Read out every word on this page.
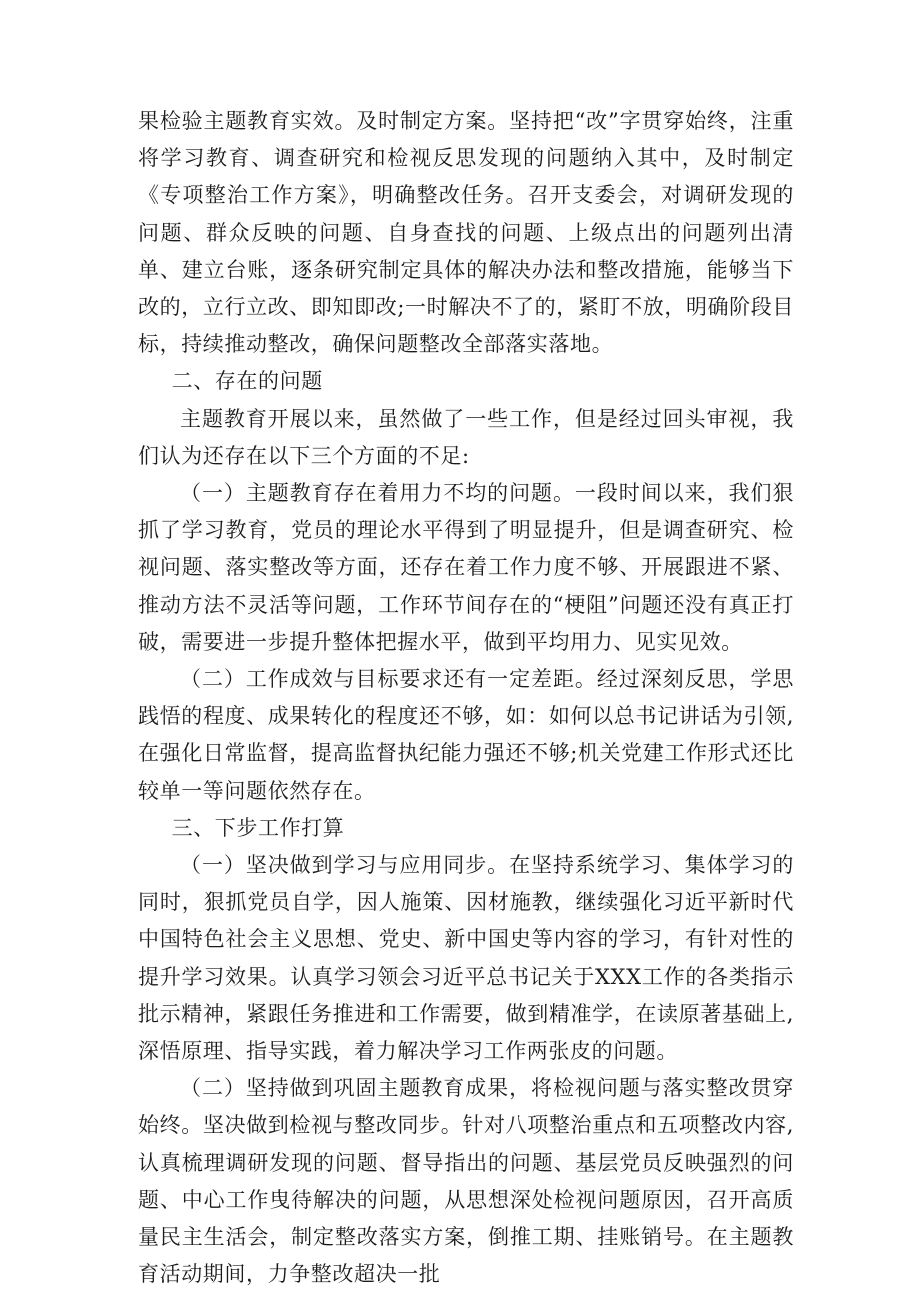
果检验主题教育实效。及时制定方案。坚持把“改”字贯穿始终，注重将学习教育、调查研究和检视反思发现的问题纳入其中，及时制定《专项整治工作方案》，明确整改任务。召开支委会，对调研发现的问题、群众反映的问题、自身查找的问题、上级点出的问题列出清单、建立台账，逐条研究制定具体的解决办法和整改措施，能够当下改的，立行立改、即知即改;一时解决不了的，紧盯不放，明确阶段目标，持续推动整改，确保问题整改全部落实落地。

二、存在的问题

主题教育开展以来，虽然做了一些工作，但是经过回头审视，我们认为还存在以下三个方面的不足:

（一）主题教育存在着用力不均的问题。一段时间以来，我们狠抓了学习教育，党员的理论水平得到了明显提升，但是调查研究、检视问题、落实整改等方面，还存在着工作力度不够、开展跟进不紧、推动方法不灵活等问题，工作环节间存在的“梗阻”问题还没有真正打破，需要进一步提升整体把握水平，做到平均用力、见实见效。

（二）工作成效与目标要求还有一定差距。经过深刻反思，学思践悟的程度、成果转化的程度还不够，如：如何以总书记讲话为引领,在强化日常监督，提高监督执纪能力强还不够;机关党建工作形式还比较单一等问题依然存在。

三、下步工作打算

（一）坚决做到学习与应用同步。在坚持系统学习、集体学习的同时，狠抓党员自学，因人施策、因材施教，继续强化习近平新时代中国特色社会主义思想、党史、新中国史等内容的学习，有针对性的提升学习效果。认真学习领会习近平总书记关于XXX工作的各类指示批示精神，紧跟任务推进和工作需要，做到精准学，在读原著基础上,深悟原理、指导实践，着力解决学习工作两张皮的问题。

（二）坚持做到巩固主题教育成果，将检视问题与落实整改贯穿始终。坚决做到检视与整改同步。针对八项整治重点和五项整改内容,认真梳理调研发现的问题、督导指出的问题、基层党员反映强烈的问题、中心工作曳待解决的问题，从思想深处检视问题原因，召开高质量民主生活会，制定整改落实方案，倒推工期、挂账销号。在主题教育活动期间，力争整改超决一批
